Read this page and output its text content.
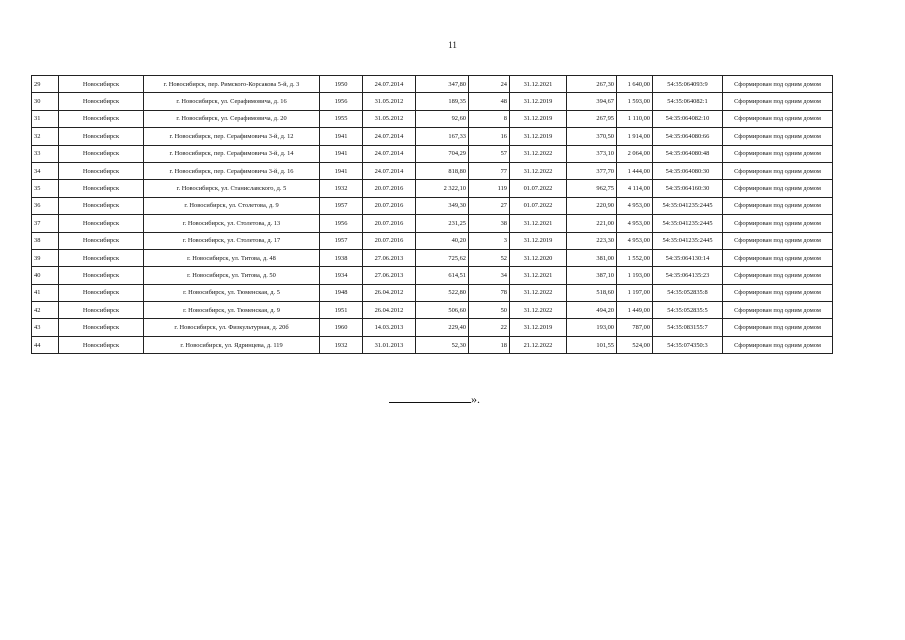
11
29	Новосибирск	г. Новосибирск, пер. Римского-Корсакова 5-й, д. 3	1950	24.07.2014	347,80	24	31.12.2021	267,30	1 640,00	54:35:064093:9	Сформирован под одним домом
30	Новосибирск	г. Новосибирск, ул. Серафимовича, д. 16	1956	31.05.2012	189,35	48	31.12.2019	394,67	1 593,00	54:35:064082:1	Сформирован под одним домом
31	Новосибирск	г. Новосибирск, ул. Серафимовича, д. 20	1955	31.05.2012	92,60	8	31.12.2019	267,95	1 110,00	54:35:064082:10	Сформирован под одним домом
32	Новосибирск	г. Новосибирск, пер. Серафимовича 3-й, д. 12	1941	24.07.2014	167,33	16	31.12.2019	370,50	1 914,00	54:35:064080:66	Сформирован под одним домом
33	Новосибирск	г. Новосибирск, пер. Серафимовича 3-й, д. 14	1941	24.07.2014	704,29	57	31.12.2022	373,10	2 064,00	54:35:064080:48	Сформирован под одним домом
34	Новосибирск	г. Новосибирск, пер. Серафимовича 3-й, д. 16	1941	24.07.2014	818,80	77	31.12.2022	377,70	1 444,00	54:35:064080:30	Сформирован под одним домом
35	Новосибирск	г. Новосибирск, ул. Станиславского, д. 5	1932	20.07.2016	2 322,10	119	01.07.2022	962,75	4 114,00	54:35:064160:30	Сформирован под одним домом
36	Новосибирск	г. Новосибирск, ул. Столетова, д. 9	1957	20.07.2016	349,30	27	01.07.2022	220,90	4 953,00	54:35:041235:2445	Сформирован под одним домом
37	Новосибирск	г. Новосибирск, ул. Столетова, д. 13	1956	20.07.2016	231,25	38	31.12.2021	221,00	4 953,00	54:35:041235:2445	Сформирован под одним домом
38	Новосибирск	г. Новосибирск, ул. Столетова, д. 17	1957	20.07.2016	40,20	3	31.12.2019	223,30	4 953,00	54:35:041235:2445	Сформирован под одним домом
39	Новосибирск	г. Новосибирск, ул. Титова, д. 48	1938	27.06.2013	725,62	52	31.12.2020	381,00	1 552,00	54:35:064130:14	Сформирован под одним домом
40	Новосибирск	г. Новосибирск, ул. Титова, д. 50	1934	27.06.2013	614,51	34	31.12.2021	387,10	1 193,00	54:35:064135:23	Сформирован под одним домом
41	Новосибирск	г. Новосибирск, ул. Тюменская, д. 5	1948	26.04.2012	522,80	78	31.12.2022	518,60	1 197,00	54:35:052835:8	Сформирован под одним домом
42	Новосибирск	г. Новосибирск, ул. Тюменская, д. 9	1951	26.04.2012	506,60	50	31.12.2022	494,20	1 449,00	54:35:052835:5	Сформирован под одним домом
43	Новосибирск	г. Новосибирск, ул. Физкультурная, д. 20б	1960	14.03.2013	229,40	22	31.12.2019	193,00	787,00	54:35:083155:7	Сформирован под одним домом
44	Новосибирск	г. Новосибирск, ул. Ядринцева, д. 119	1932	31.01.2013	52,30	18	21.12.2022	101,55	524,00	54:35:074350:3	Сформирован под одним домом
».
